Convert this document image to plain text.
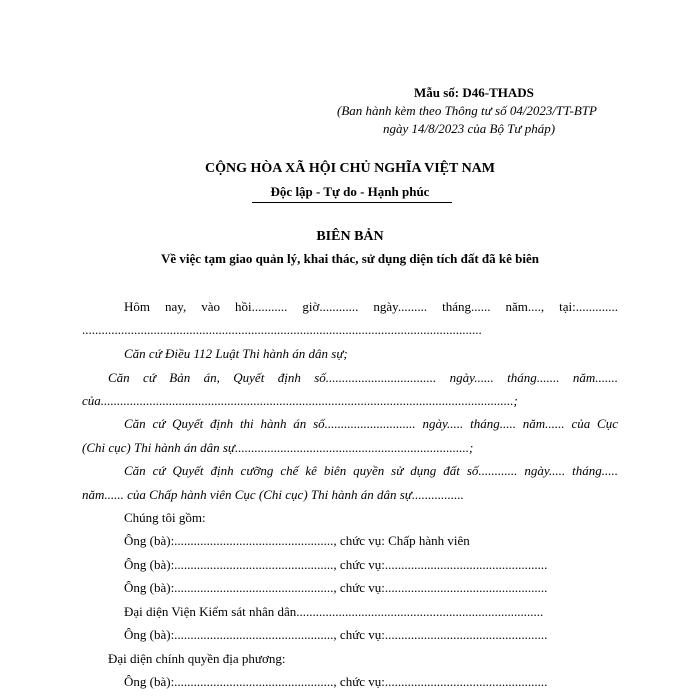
Mẫu số: D46-THADS
(Ban hành kèm theo Thông tư số 04/2023/TT-BTP
ngày 14/8/2023 của Bộ Tư pháp)
CỘNG HÒA XÃ HỘI CHỦ NGHĨA VIỆT NAM
Độc lập - Tự do - Hạnh phúc
BIÊN BẢN
Về việc tạm giao quản lý, khai thác, sử dụng diện tích đất đã kê biên
Hôm nay, vào hồi........... giờ............ ngày......... tháng...... năm...., tại:.............
...........................................................................................................................
Căn cứ Điều 112 Luật Thi hành án dân sự;
Căn cứ Bản án, Quyết định số.................................. ngày...... tháng....... năm.......
của...............................................................................................................................;
Căn cứ Quyết định thi hành án số............................ ngày..... tháng..... năm...... của Cục
(Chi cục) Thi hành án dân sự........................................................................;
Căn cứ Quyết định cưỡng chế kê biên quyền sử dụng đất số............ ngày..... tháng.....
năm...... của Chấp hành viên Cục (Chi cục) Thi hành án dân sự................
Chúng tôi gồm:
Ông (bà):................................................., chức vụ: Chấp hành viên
Ông (bà):................................................., chức vụ:..................................................
Ông (bà):................................................., chức vụ:..................................................
Đại diện Viện Kiểm sát nhân dân............................................................................
Ông (bà):................................................., chức vụ:..................................................
Đại diện chính quyền địa phương:
Ông (bà):................................................., chức vụ:..................................................
